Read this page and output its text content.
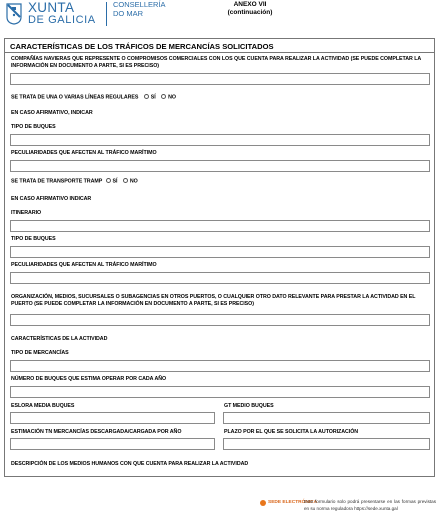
XUNTA
DE GALICIA
CONSELLERÍA
DO MAR
ANEXO VII
(continuación)
CARACTERÍSTICAS DE LOS TRÁFICOS DE MERCANCÍAS SOLICITADOS
COMPAÑÍAS NAVIERAS QUE REPRESENTE O COMPROMISOS COMERCIALES CON LOS QUE CUENTA PARA REALIZAR LA ACTIVIDAD (SE PUEDE COMPLETAR LA INFORMACIÓN EN DOCUMENTO A PARTE, SI ES PRECISO)
SE TRATA DE UNA O VARIAS LÍNEAS REGULARES SÍ NO
EN CASO AFIRMATIVO, INDICAR
TIPO DE BUQUES
PECULIARIDADES QUE AFECTEN AL TRÁFICO MARÍTIMO
SE TRATA DE TRANSPORTE TRAMP SÍ NO
EN CASO AFIRMATIVO INDICAR
ITINERARIO
TIPO DE BUQUES
PECULIARIDADES QUE AFECTEN AL TRÁFICO MARÍTIMO
ORGANIZACIÓN, MEDIOS, SUCURSALES O SUBAGENCIAS EN OTROS PUERTOS, O CUALQUIER OTRO DATO RELEVANTE PARA PRESTAR LA ACTIVIDAD EN EL PUERTO (SE PUEDE COMPLETAR LA INFORMACIÓN EN DOCUMENTO A PARTE, SI ES PRECISO)
CARACTERÍSTICAS DE LA ACTIVIDAD
TIPO DE MERCANCÍAS
NÚMERO DE BUQUES QUE ESTIMA OPERAR POR CADA AÑO
ESLORA MEDIA BUQUES	GT MEDIO BUQUES
ESTIMACIÓN TN MERCANCÍAS DESCARGADA/CARGADA POR AÑO	PLAZO POR EL QUE SE SOLICITA LA AUTORIZACIÓN
DESCRIPCIÓN DE LOS MEDIOS HUMANOS CON QUE CUENTA PARA REALIZAR LA ACTIVIDAD
SEDE ELECTRÓNICA
Este formulario solo podrá presentarse en las formas previstas en su norma reguladora https://sede.xunta.gal
